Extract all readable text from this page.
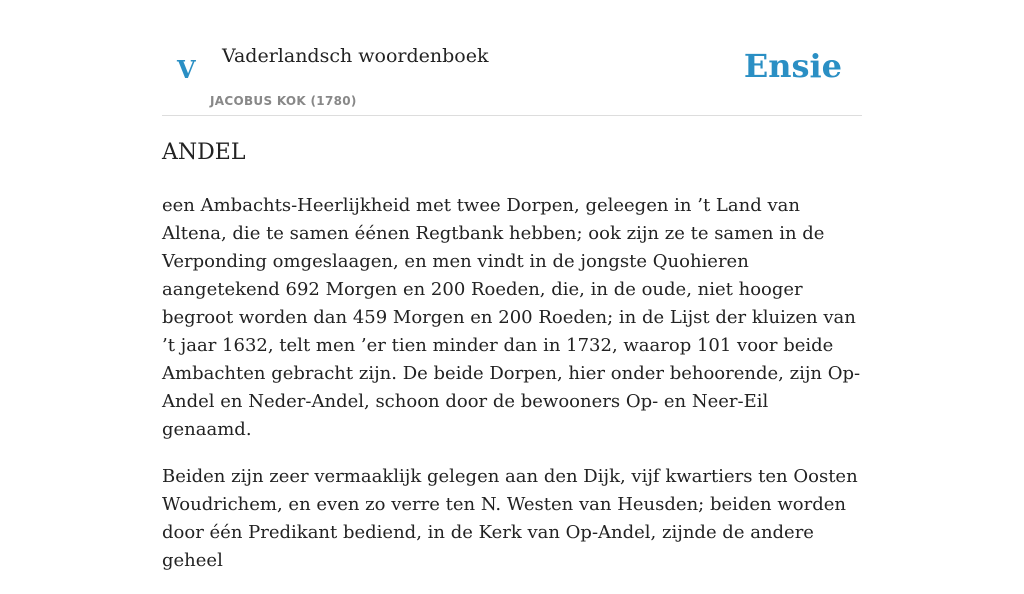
V Vaderlandsch woordenboek
JACOBUS KOK (1780)
Ensie
ANDEL

een Ambachts-Heerlijkheid met twee Dorpen, geleegen in ’t Land van Altena, die te samen éénen Regtbank hebben; ook zijn ze te samen in de Verponding omgeslaagen, en men vindt in de jongste Quohieren aangetekend 692 Morgen en 200 Roeden, die, in de oude, niet hooger begroot worden dan 459 Morgen en 200 Roeden; in de Lijst der kluizen van ’t jaar 1632, telt men ’er tien minder dan in 1732, waarop 101 voor beide Ambachten gebracht zijn. De beide Dorpen, hier onder behoorende, zijn Op-Andel en Neder-Andel, schoon door de bewooners Op- en Neer-Eil genaamd.

Beiden zijn zeer vermaaklijk gelegen aan den Dijk, vijf kwartiers ten Oosten Woudrichem, en even zo verre ten N. Westen van Heusden; beiden worden door één Predikant bediend, in de Kerk van Op-Andel, zijnde de andere geheel
